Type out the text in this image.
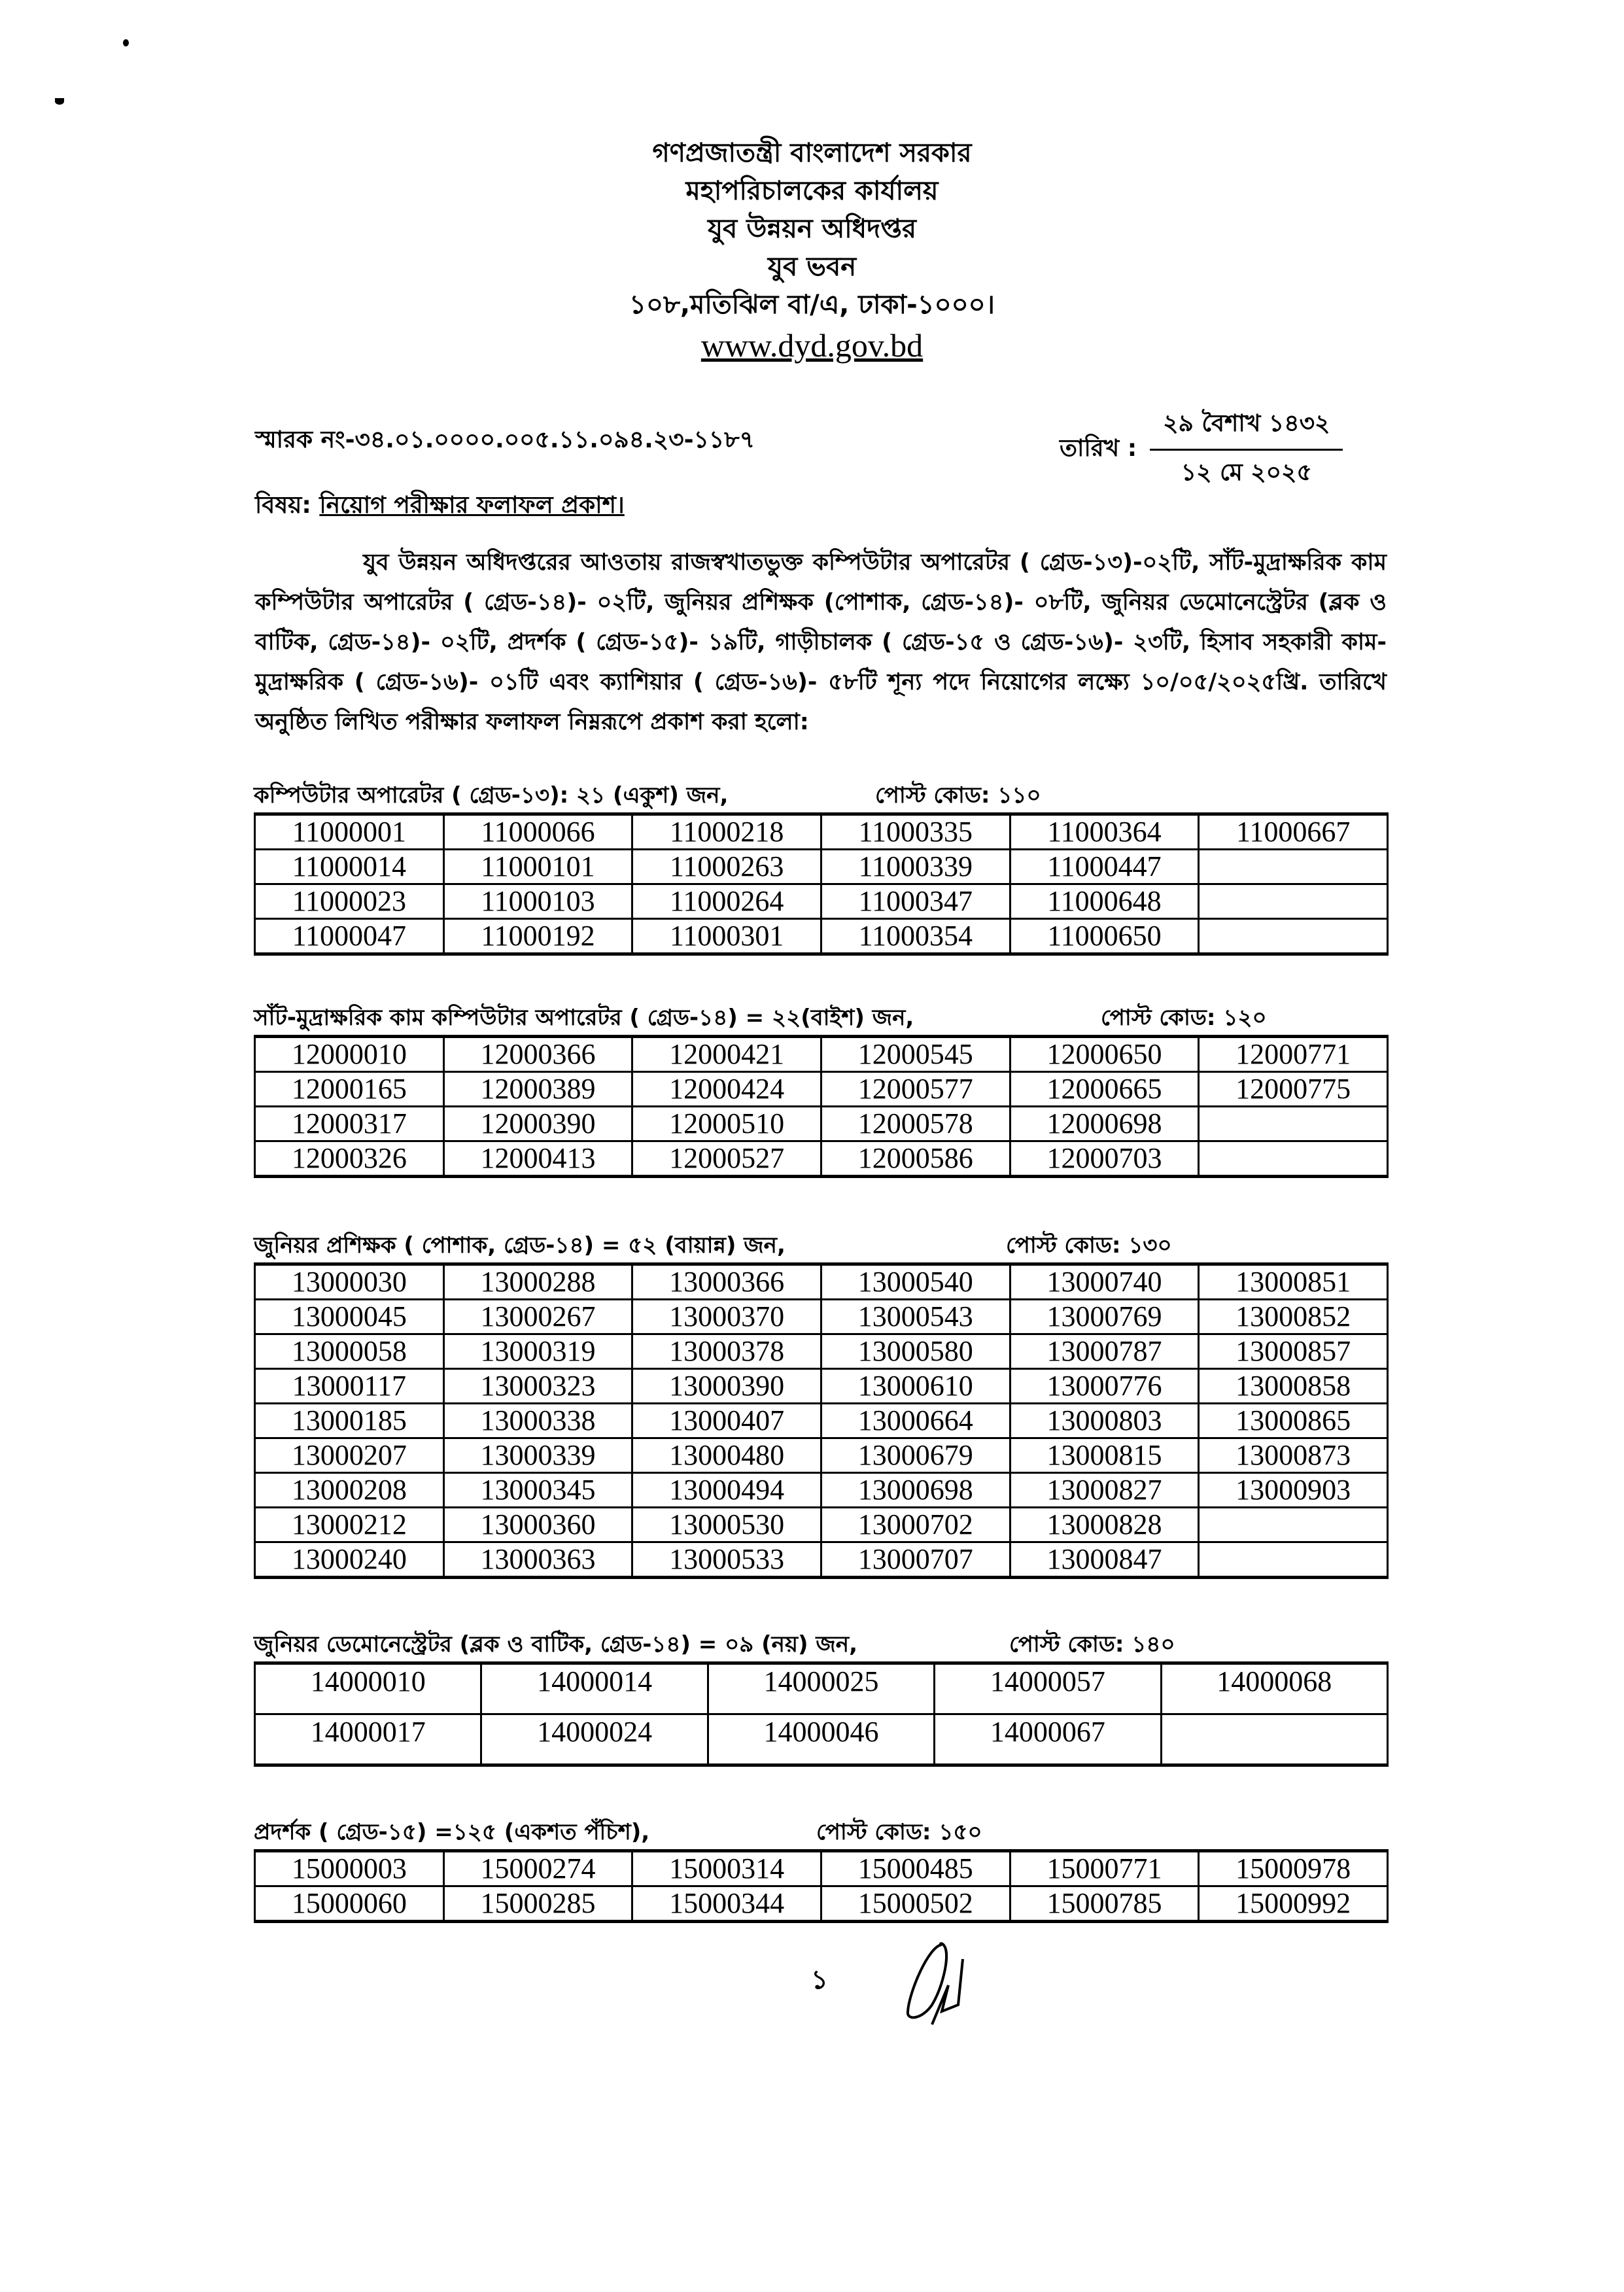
গণপ্রজাতন্ত্রী বাংলাদেশ সরকার
মহাপরিচালকের কার্যালয়
যুব উন্নয়ন অধিদপ্তর
যুব ভবন
১০৮,মতিঝিল বা/এ, ঢাকা-১০০০।
www.dyd.gov.bd
স্মারক নং-৩৪.০১.০০০০.০০৫.১১.০৯৪.২৩-১১৮৭	তারিখ : $\frac{\text{২৯ বৈশাখ ১৪৩২}}{\text{১২ মে ২০২৫}}$
বিষয়: নিয়োগ পরীক্ষার ফলাফল প্রকাশ।
যুব উন্নয়ন অধিদপ্তরের আওতায় রাজস্বখাতভুক্ত কম্পিউটার অপারেটর ( গ্রেড-১৩)-০২টি, সাঁট-মুদ্রাক্ষরিক কাম কম্পিউটার অপারেটর ( গ্রেড-১৪)- ০২টি, জুনিয়র প্রশিক্ষক (পোশাক, গ্রেড-১৪)- ০৮টি, জুনিয়র ডেমোনেস্ট্রেটর (ব্লক ও বাটিক, গ্রেড-১৪)- ০২টি, প্রদর্শক ( গ্রেড-১৫)- ১৯টি, গাড়ীচালক ( গ্রেড-১৫ ও গ্রেড-১৬)- ২৩টি, হিসাব সহকারী কাম-মুদ্রাক্ষরিক ( গ্রেড-১৬)- ০১টি এবং ক্যাশিয়ার ( গ্রেড-১৬)- ৫৮টি শূন্য পদে নিয়োগের লক্ষ্যে ১০/০৫/২০২৫খ্রি. তারিখে অনুষ্ঠিত লিখিত পরীক্ষার ফলাফল নিম্নরূপে প্রকাশ করা হলো:
কম্পিউটার অপারেটর ( গ্রেড-১৩): ২১ (একুশ) জন,	পোস্ট কোড: ১১০
11000001	11000066	11000218	11000335	11000364	11000667
11000014	11000101	11000263	11000339	11000447	
11000023	11000103	11000264	11000347	11000648	
11000047	11000192	11000301	11000354	11000650	
সাঁট-মুদ্রাক্ষরিক কাম কম্পিউটার অপারেটর ( গ্রেড-১৪) = ২২(বাইশ) জন,	পোস্ট কোড: ১২০
12000010	12000366	12000421	12000545	12000650	12000771
12000165	12000389	12000424	12000577	12000665	12000775
12000317	12000390	12000510	12000578	12000698	
12000326	12000413	12000527	12000586	12000703	
জুনিয়র প্রশিক্ষক ( পোশাক, গ্রেড-১৪) = ৫২ (বায়ান্ন) জন,	পোস্ট কোড: ১৩০
13000030	13000288	13000366	13000540	13000740	13000851
13000045	13000267	13000370	13000543	13000769	13000852
13000058	13000319	13000378	13000580	13000787	13000857
13000117	13000323	13000390	13000610	13000776	13000858
13000185	13000338	13000407	13000664	13000803	13000865
13000207	13000339	13000480	13000679	13000815	13000873
13000208	13000345	13000494	13000698	13000827	13000903
13000212	13000360	13000530	13000702	13000828	
13000240	13000363	13000533	13000707	13000847	
জুনিয়র ডেমোনেস্ট্রেটর (ব্লক ও বাটিক, গ্রেড-১৪) = ০৯ (নয়) জন,	পোস্ট কোড: ১৪০
14000010	14000014	14000025	14000057	14000068
14000017	14000024	14000046	14000067	
প্রদর্শক ( গ্রেড-১৫) =১২৫ (একশত পঁচিশ),	পোস্ট কোড: ১৫০
15000003	15000274	15000314	15000485	15000771	15000978
15000060	15000285	15000344	15000502	15000785	15000992
১
